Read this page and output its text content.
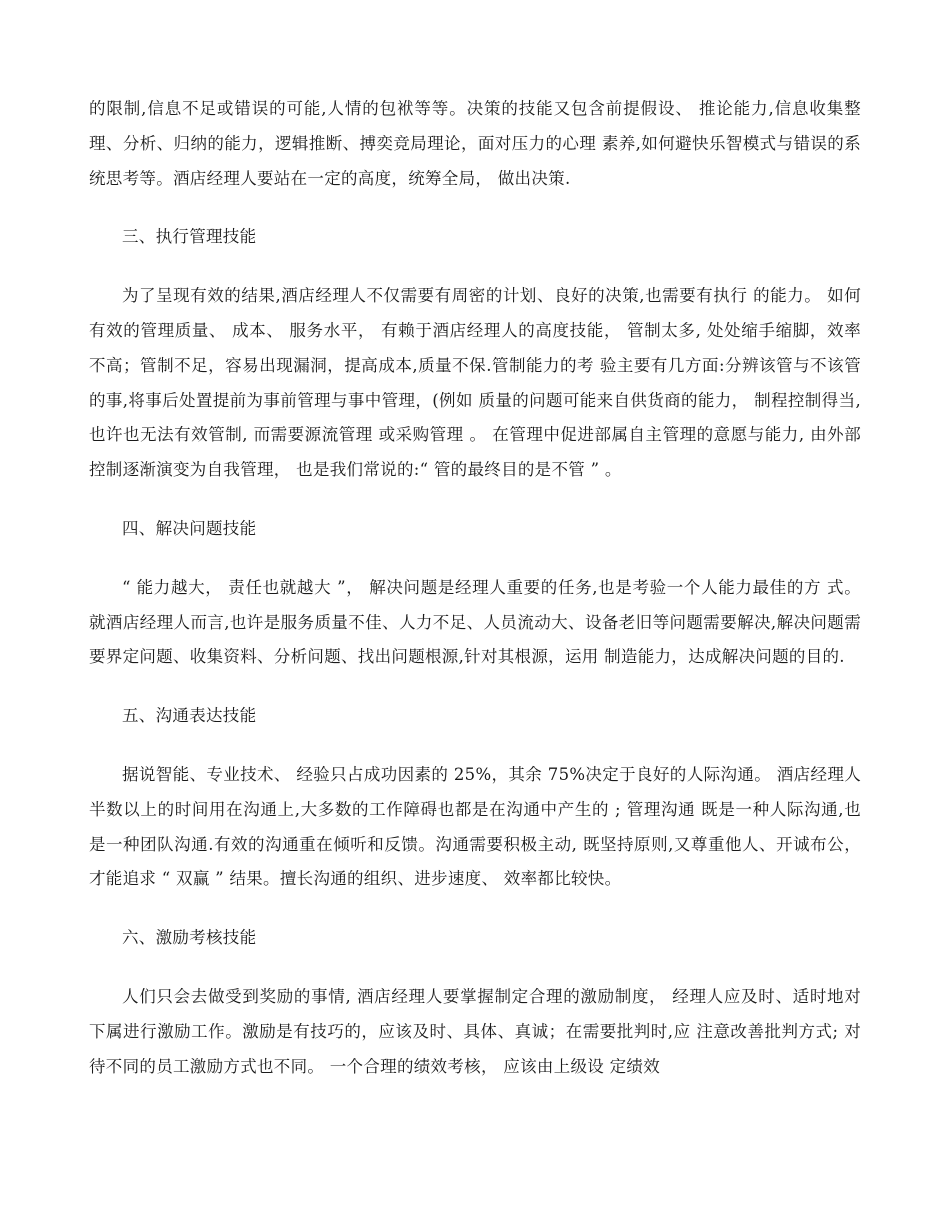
的限制,信息不足或错误的可能,人情的包袱等等。决策的技能又包含前提假设、 推论能力,信息收集整理、分析、归纳的能力，逻辑推断、搏奕竞局理论，面对压力的心理 素养,如何避快乐智模式与错误的系统思考等。酒店经理人要站在一定的高度，统筹全局， 做出决策.

三、执行管理技能

为了呈现有效的结果,酒店经理人不仅需要有周密的计划、良好的决策,也需要有执行 的能力。 如何有效的管理质量、 成本、 服务水平， 有赖于酒店经理人的高度技能， 管制太多, 处处缩手缩脚，效率不高；管制不足，容易出现漏洞，提高成本,质量不保.管制能力的考 验主要有几方面:分辨该管与不该管的事,将事后处置提前为事前管理与事中管理，(例如 质量的问题可能来自供货商的能力， 制程控制得当, 也许也无法有效管制, 而需要源流管理 或采购管理 。 在管理中促进部属自主管理的意愿与能力, 由外部控制逐渐演变为自我管理， 也是我们常说的:“ 管的最终目的是不管 ” 。

四、解决问题技能

“ 能力越大， 责任也就越大 ”， 解决问题是经理人重要的任务,也是考验一个人能力最佳的方 式。就酒店经理人而言,也许是服务质量不佳、人力不足、人员流动大、设备老旧等问题需要解决,解决问题需要界定问题、收集资料、分析问题、找出问题根源,针对其根源，运用 制造能力，达成解决问题的目的.

五、沟通表达技能

据说智能、专业技术、 经验只占成功因素的 25%，其余 75%决定于良好的人际沟通。 酒店经理人半数以上的时间用在沟通上,大多数的工作障碍也都是在沟通中产生的 ; 管理沟通 既是一种人际沟通,也是一种团队沟通.有效的沟通重在倾听和反馈。沟通需要积极主动, 既坚持原则,又尊重他人、开诚布公，才能追求 “ 双赢 ” 结果。擅长沟通的组织、进步速度、 效率都比较快。

六、激励考核技能

人们只会去做受到奖励的事情, 酒店经理人要掌握制定合理的激励制度， 经理人应及时、适时地对下属进行激励工作。激励是有技巧的，应该及时、具体、真诚；在需要批判时,应 注意改善批判方式; 对待不同的员工激励方式也不同。 一个合理的绩效考核， 应该由上级设 定绩效
